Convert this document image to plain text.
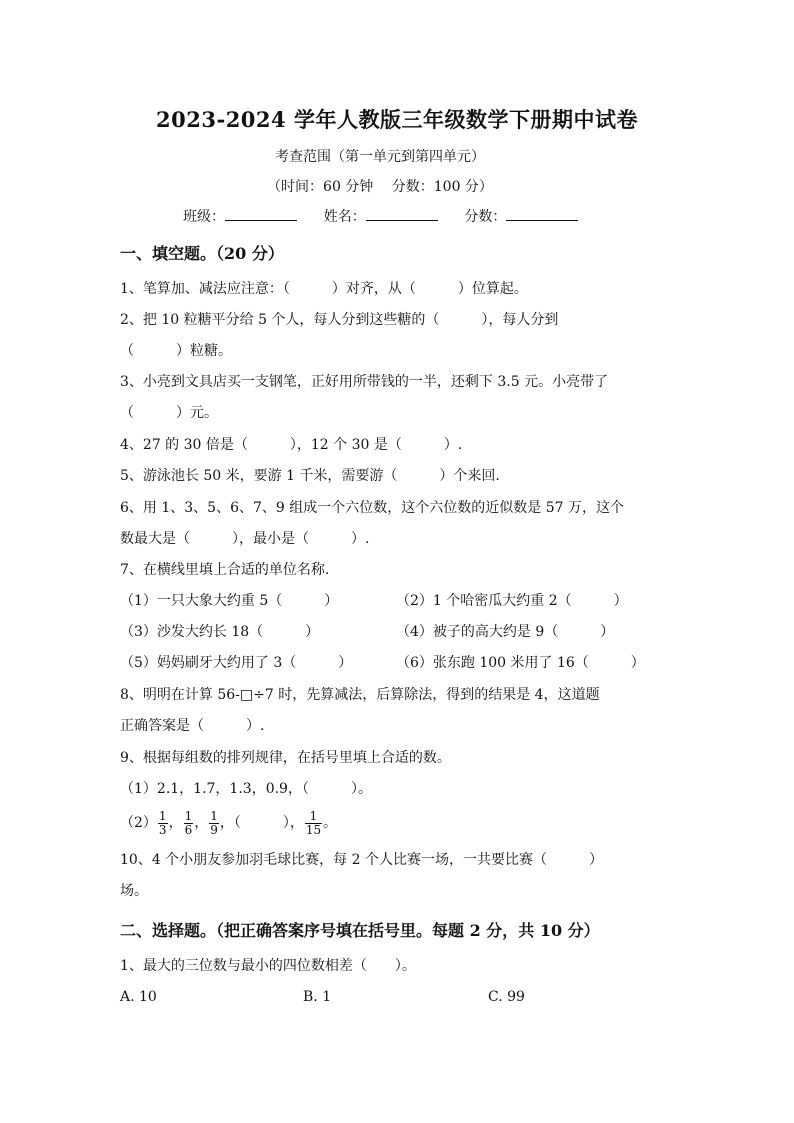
2023-2024 学年人教版三年级数学下册期中试卷
考查范围（第一单元到第四单元）
（时间：60 分钟　 分数：100 分）
班级：	姓名：	分数：
一、填空题。（20 分）
1、笔算加、减法应注意：（　　　）对齐，从（　　　）位算起。
2、把 10 粒糖平分给 5 个人，每人分到这些糖的（　　　），每人分到
（　　　）粒糖。
3、小亮到文具店买一支钢笔，正好用所带钱的一半，还剩下 3.5 元。小亮带了
（　　　）元。
4、27 的 30 倍是（　　　），12 个 30 是（　　　）.
5、游泳池长 50 米，要游 1 千米，需要游（　　　）个来回.
6、用 1、3、5、6、7、9 组成一个六位数，这个六位数的近似数是 57 万，这个
数最大是（　　　），最小是（　　　）.
7、在横线里填上合适的单位名称.
（1）一只大象大约重 5（　　　）	（2）1 个哈密瓜大约重 2（　　　）
（3）沙发大约长 18（　　　）	（4）被子的高大约是 9（　　　）
（5）妈妈刷牙大约用了 3（　　　）	（6）张东跑 100 米用了 16（　　　）
8、明明在计算 56-□÷7 时，先算减法，后算除法，得到的结果是 4，这道题
正确答案是（　　　）.
9、根据每组数的排列规律，在括号里填上合适的数。
（1）2.1，1.7，1.3，0.9，（　　　）。
$(2) \frac{1}{3}$ ， $\frac{1}{6}$ ， $\frac{1}{9}$ ，（　　　）， $\frac{1}{15}$ 。
10、4 个小朋友参加羽毛球比赛，每 2 个人比赛一场，一共要比赛（　　　）
场。
二、选择题。（把正确答案序号填在括号里。每题 2 分，共 10 分）
1、最大的三位数与最小的四位数相差（　　）。
A. 10	B. 1	C. 99
